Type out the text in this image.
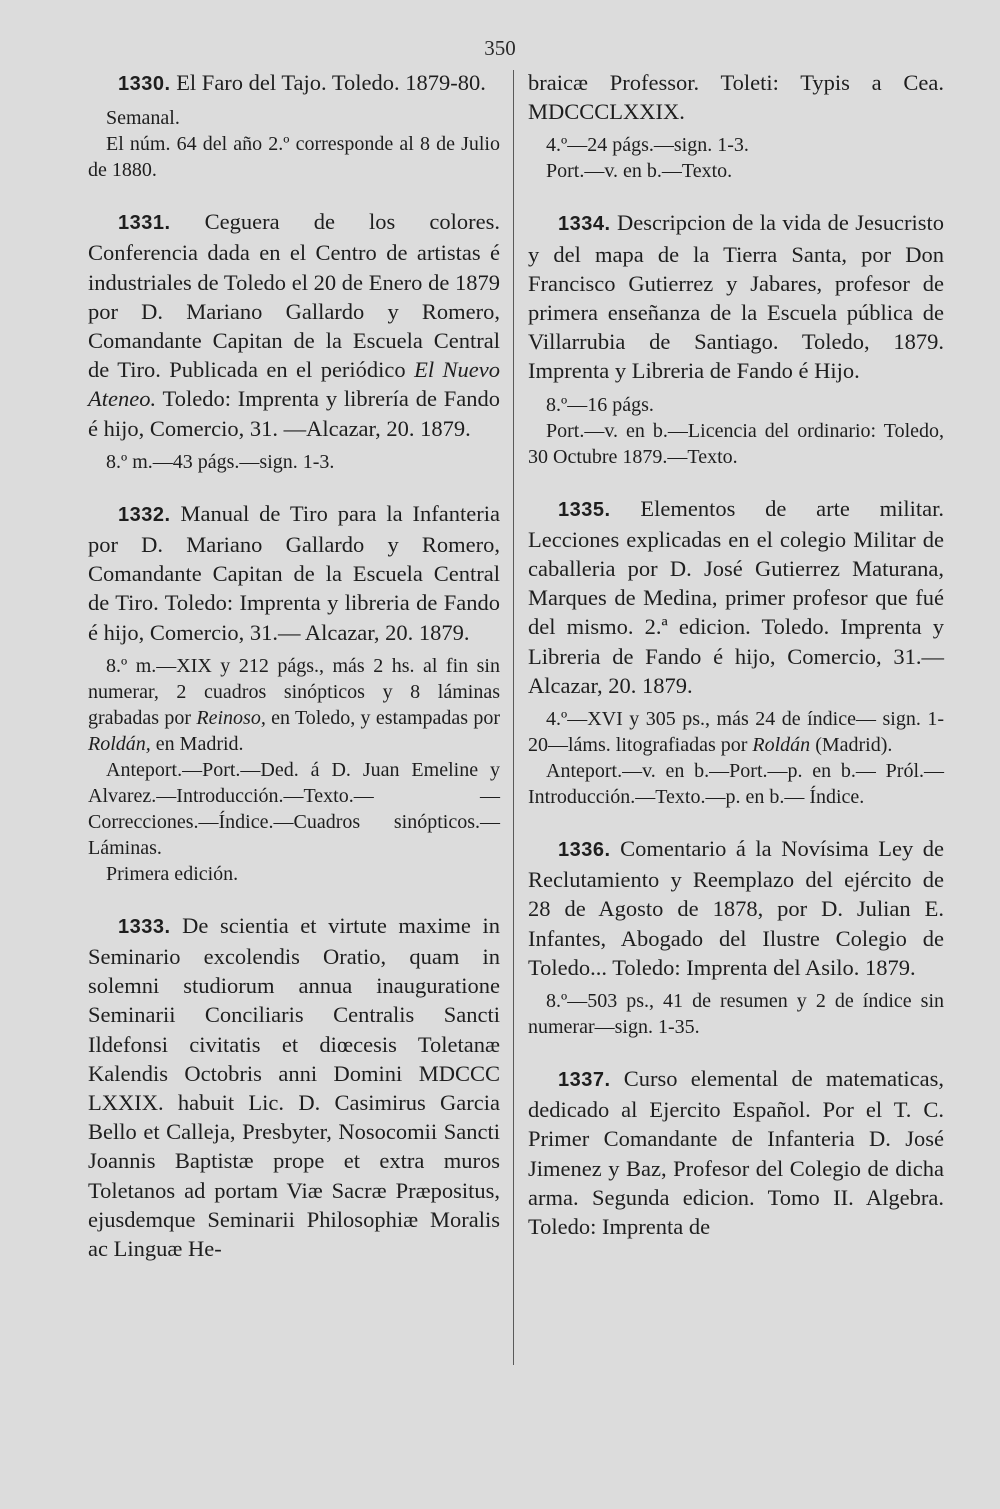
350

1330. El Faro del Tajo. Toledo. 1879-80.

Semanal.

El núm. 64 del año 2.º corresponde al 8 de Julio de 1880.

1331. Ceguera de los colores. Conferencia dada en el Centro de artistas é industriales de Toledo el 20 de Enero de 1879 por D. Mariano Gallardo y Romero, Comandante Capitan de la Escuela Central de Tiro. Publicada en el periódico El Nuevo Ateneo. Toledo: Imprenta y librería de Fando é hijo, Comercio, 31. —Alcazar, 20. 1879.

8.º m.—43 págs.—sign. 1-3.

1332. Manual de Tiro para la Infanteria por D. Mariano Gallardo y Romero, Comandante Capitan de la Escuela Central de Tiro. Toledo: Imprenta y libreria de Fando é hijo, Comercio, 31.— Alcazar, 20. 1879.

8.º m.—XIX y 212 págs., más 2 hs. al fin sin numerar, 2 cuadros sinópticos y 8 láminas grabadas por Reinoso, en Toledo, y estampadas por Roldán, en Madrid.

Anteport.—Port.—Ded. á D. Juan Emeline y Alvarez.—Introducción.—Texto.— —Correcciones.—Índice.—Cuadros sinópticos.—Láminas.

Primera edición.

1333. De scientia et virtute maxime in Seminario excolendis Oratio, quam in solemni studiorum annua inauguratione Seminarii Conciliaris Centralis Sancti Ildefonsi civitatis et diœcesis Toletanæ Kalendis Octobris anni Domini MDCCC LXXIX. habuit Lic. D. Casimirus Garcia Bello et Calleja, Presbyter, Nosocomii Sancti Joannis Baptistæ prope et extra muros Toletanos ad portam Viæ Sacræ Præpositus, ejusdemque Seminarii Philosophiæ Moralis ac Linguæ He-

braicæ Professor. Toleti: Typis a Cea. MDCCCLXXIX.

4.º—24 págs.—sign. 1-3.

Port.—v. en b.—Texto.

1334. Descripcion de la vida de Jesucristo y del mapa de la Tierra Santa, por Don Francisco Gutierrez y Jabares, profesor de primera enseñanza de la Escuela pública de Villarrubia de Santiago. Toledo, 1879. Imprenta y Libreria de Fando é Hijo.

8.º—16 págs.

Port.—v. en b.—Licencia del ordinario: Toledo, 30 Octubre 1879.—Texto.

1335. Elementos de arte militar. Lecciones explicadas en el colegio Militar de caballeria por D. José Gutierrez Maturana, Marques de Medina, primer profesor que fué del mismo. 2.ª edicion. Toledo. Imprenta y Libreria de Fando é hijo, Comercio, 31.—Alcazar, 20. 1879.

4.º—XVI y 305 ps., más 24 de índice— sign. 1-20—láms. litografiadas por Roldán (Madrid).

Anteport.—v. en b.—Port.—p. en b.— Pról.—Introducción.—Texto.—p. en b.— Índice.

1336. Comentario á la Novísima Ley de Reclutamiento y Reemplazo del ejército de 28 de Agosto de 1878, por D. Julian E. Infantes, Abogado del Ilustre Colegio de Toledo... Toledo: Imprenta del Asilo. 1879.

8.º—503 ps., 41 de resumen y 2 de índice sin numerar—sign. 1-35.

1337. Curso elemental de matematicas, dedicado al Ejercito Español. Por el T. C. Primer Comandante de Infanteria D. José Jimenez y Baz, Profesor del Colegio de dicha arma. Segunda edicion. Tomo II. Algebra. Toledo: Imprenta de
